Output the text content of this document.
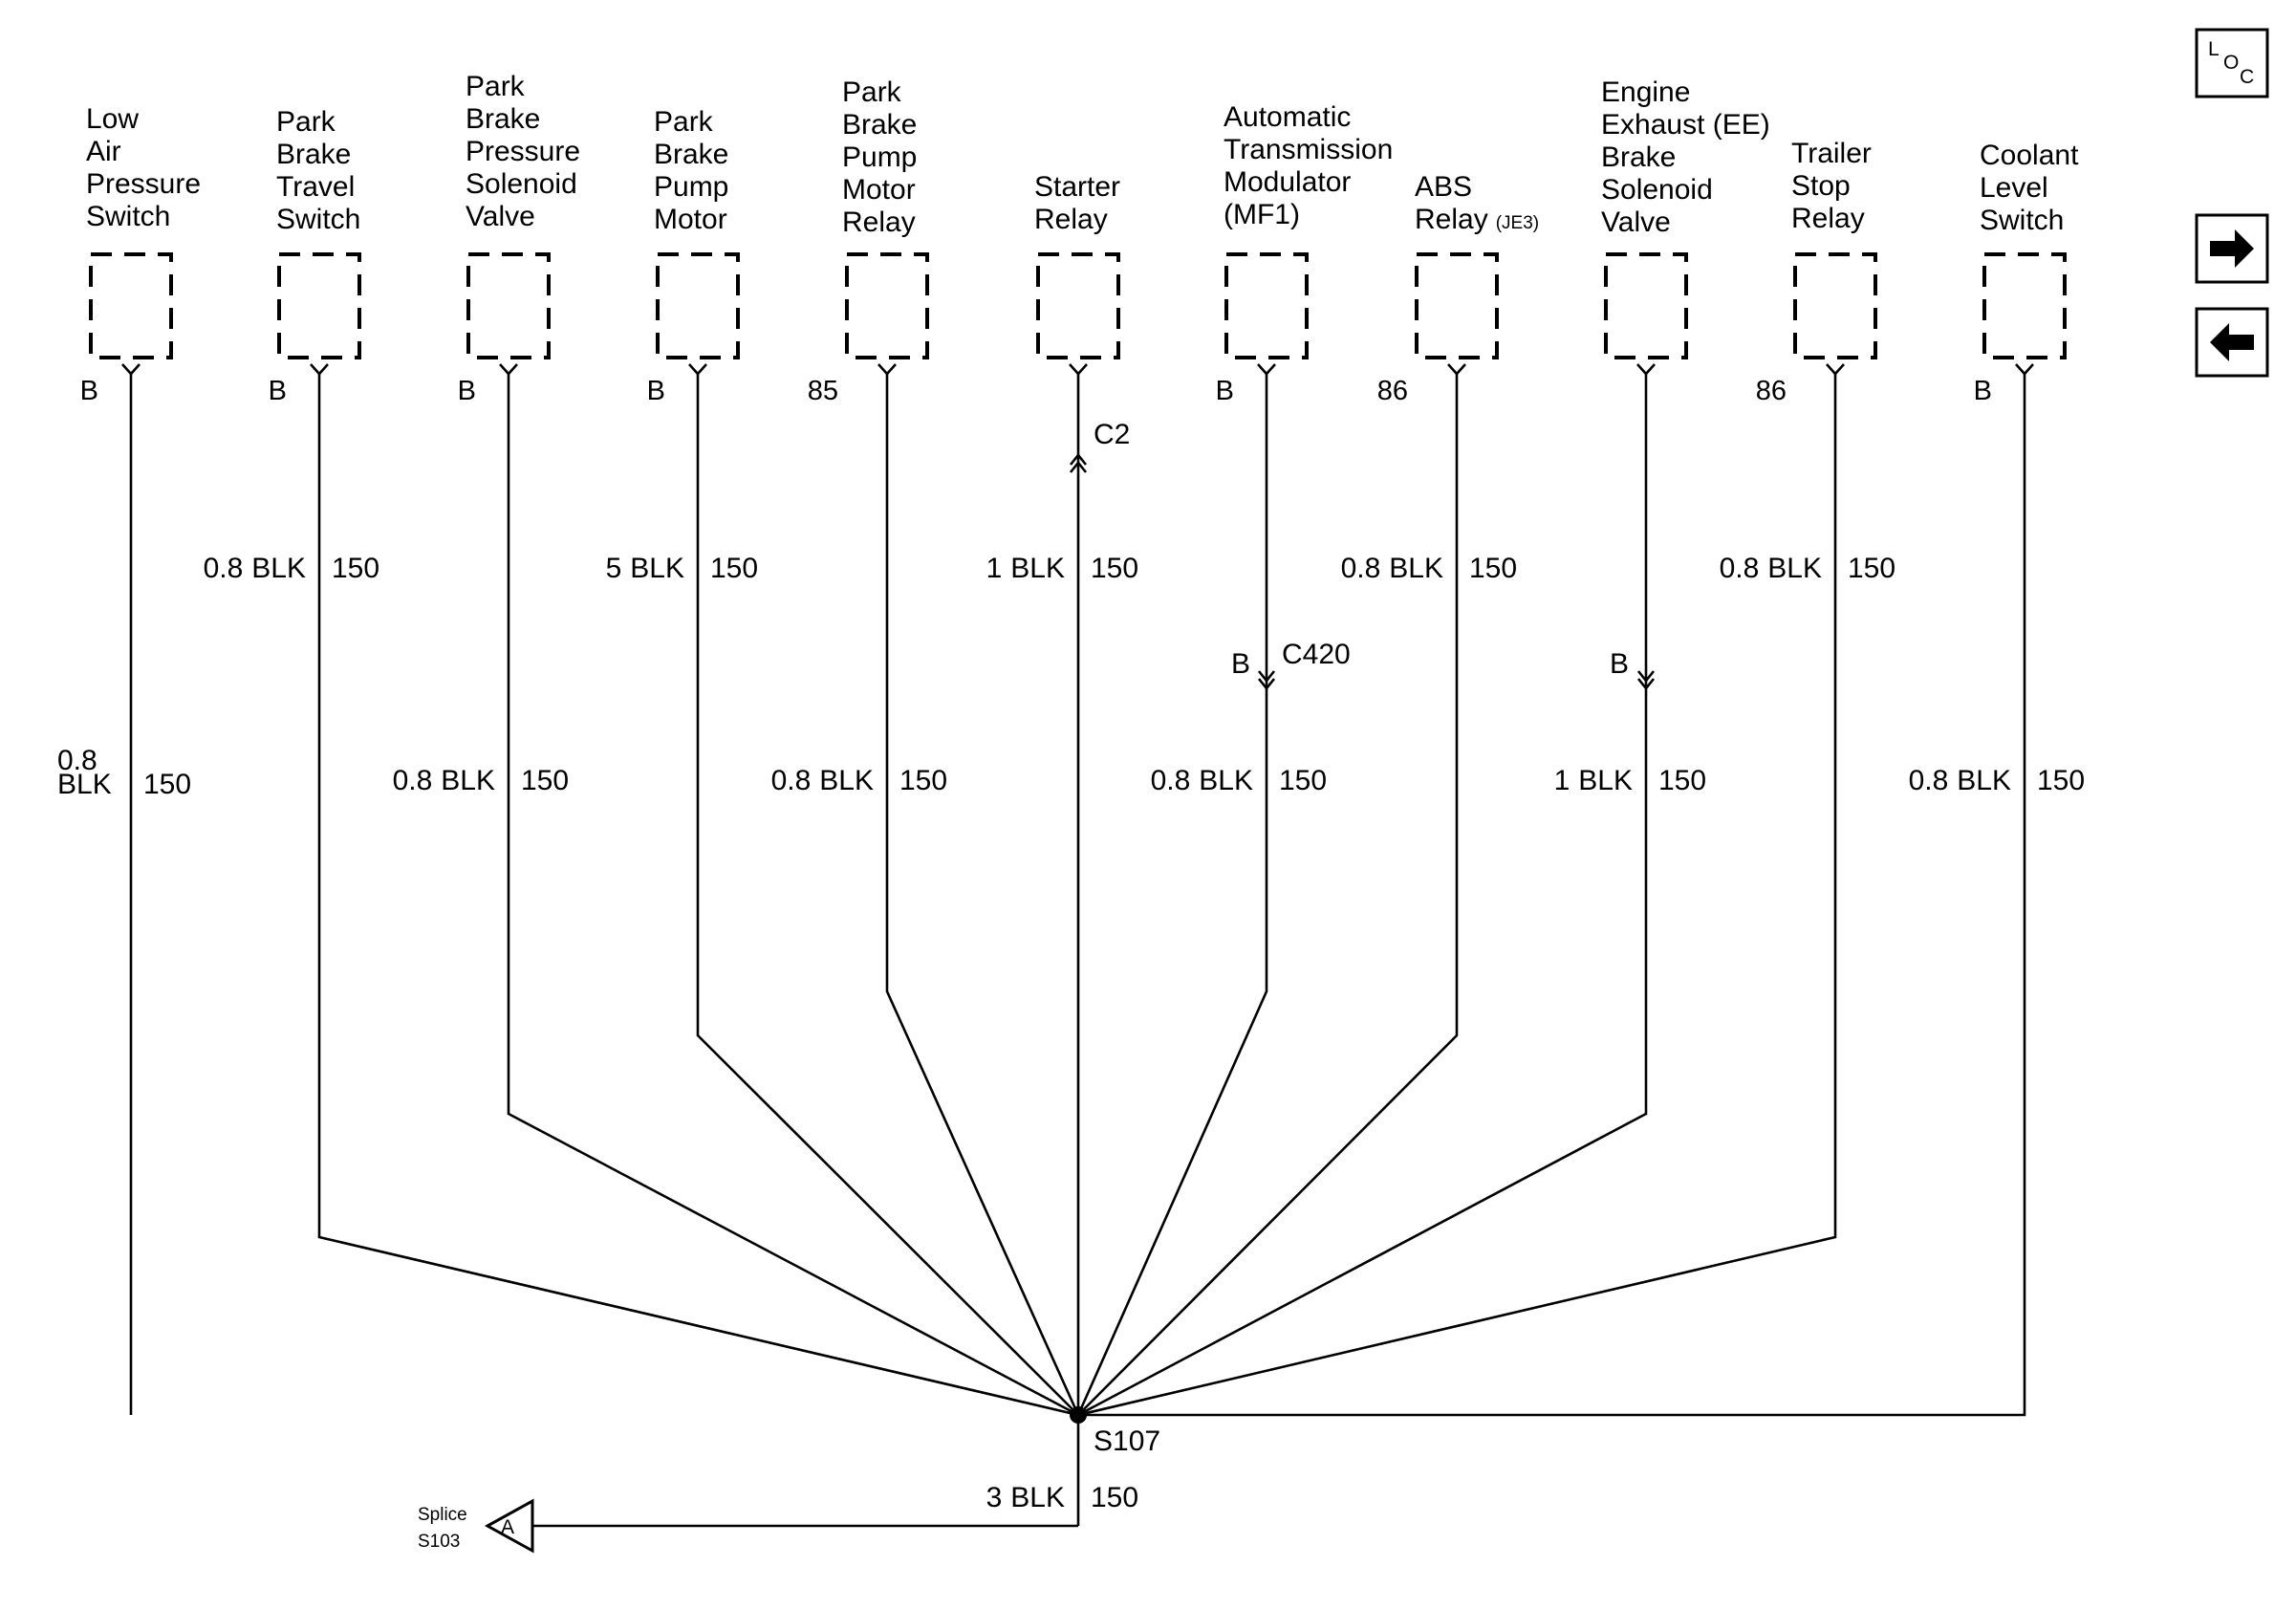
Low
Air
Pressure
Switch
B
Park
Brake
Travel
Switch
B
Park
Brake
Pressure
Solenoid
Valve
B
Park
Brake
Pump
Motor
B
Park
Brake
Pump
Motor
Relay
85
Starter
Relay
Automatic
Transmission
Modulator
(MF1)
B
ABS
Relay (JE3)
86
Engine
Exhaust (EE)
Brake
Solenoid
Valve
Trailer
Stop
Relay
86
Coolant
Level
Switch
B
0.8
BLK 150
0.8 BLK 150
0.8 BLK 150
5 BLK 150
0.8 BLK 150
C2
1 BLK 150
C420
B
0.8 BLK 150
0.8 BLK 150
B
1 BLK 150
0.8 BLK 150
0.8 BLK 150
S107
3 BLK 150
A
Splice
S103
L
O
C
